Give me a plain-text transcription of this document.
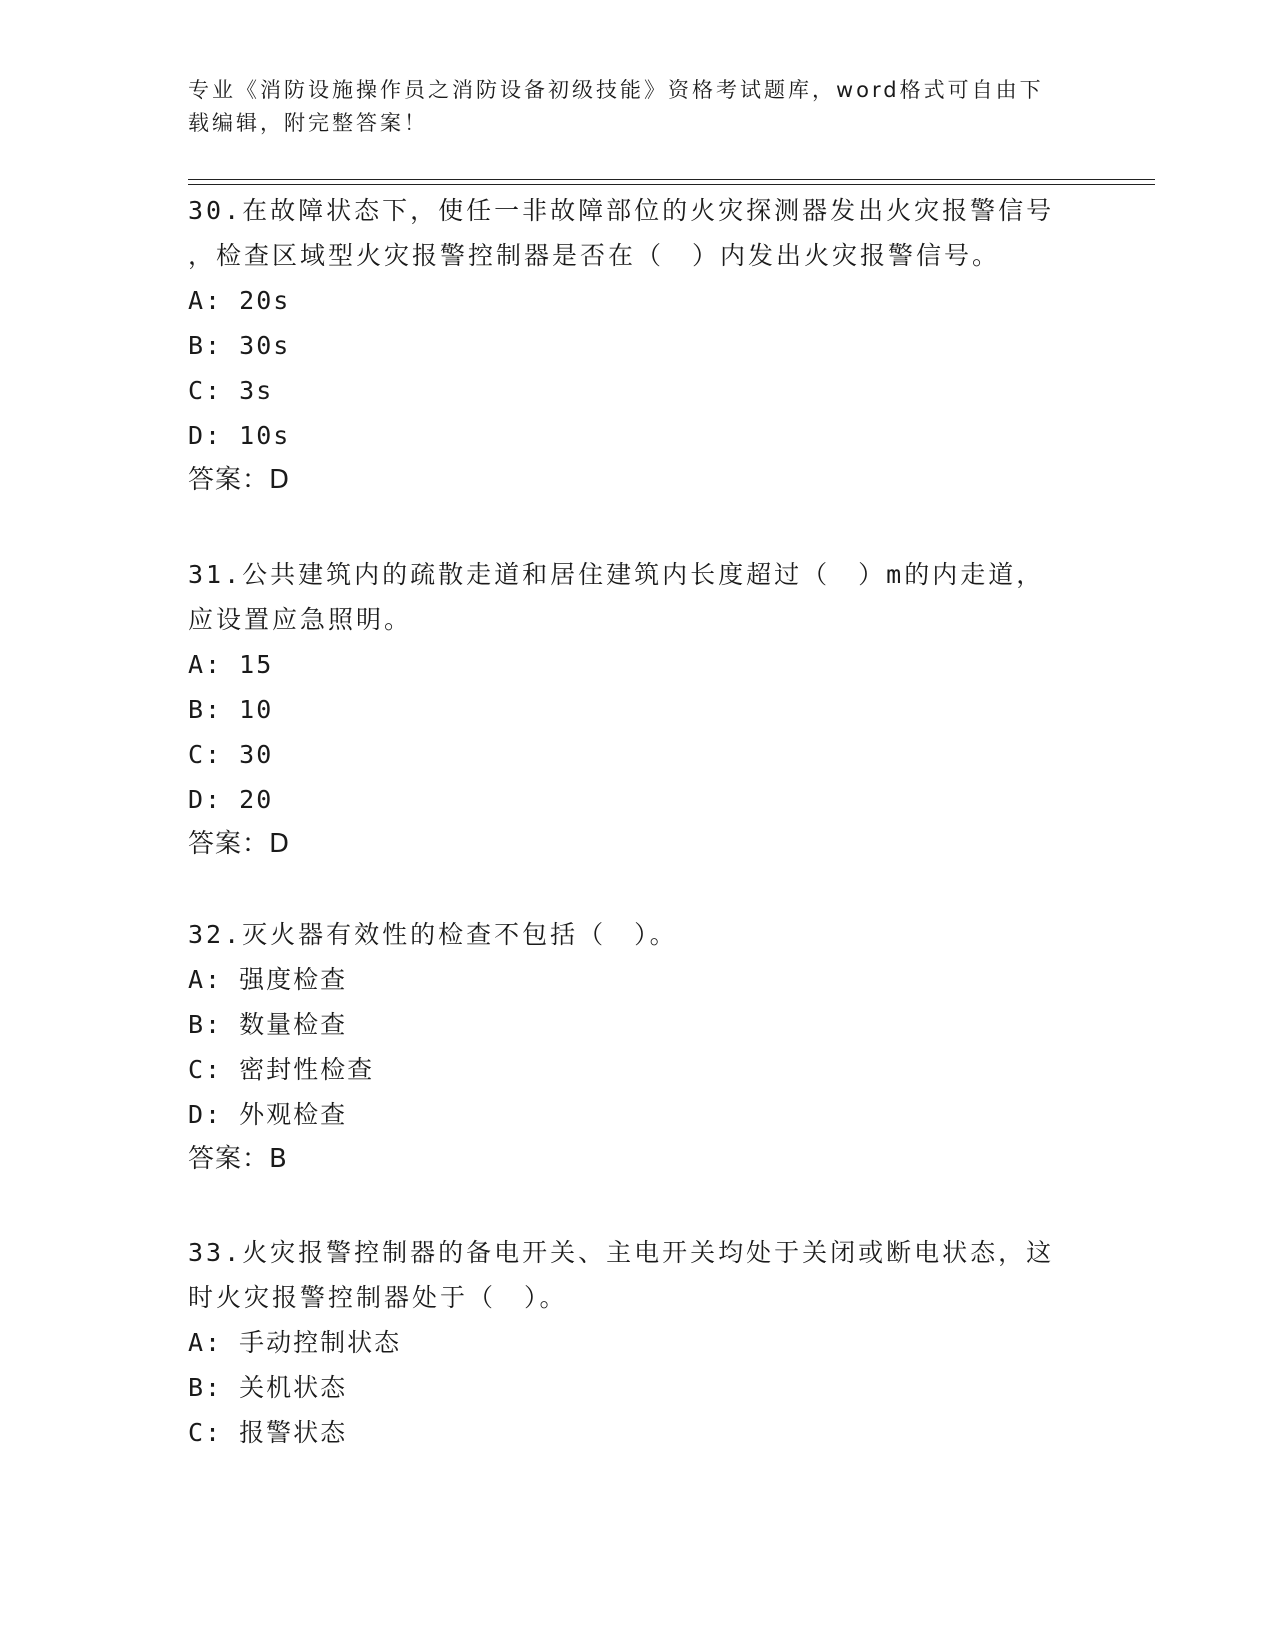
专业《消防设施操作员之消防设备初级技能》资格考试题库，word格式可自由下
载编辑，附完整答案！

30.在故障状态下，使任一非故障部位的火灾探测器发出火灾报警信号

，检查区域型火灾报警控制器是否在（　）内发出火灾报警信号。

A: 20s

B: 30s

C: 3s

D: 10s

答案：D

31.公共建筑内的疏散走道和居住建筑内长度超过（　）m的内走道，

应设置应急照明。

A: 15

B: 10

C: 30

D: 20

答案：D

32.灭火器有效性的检查不包括（　）。

A: 强度检查

B: 数量检查

C: 密封性检查

D: 外观检查

答案：B

33.火灾报警控制器的备电开关、主电开关均处于关闭或断电状态，这

时火灾报警控制器处于（　）。

A: 手动控制状态

B: 关机状态

C: 报警状态
